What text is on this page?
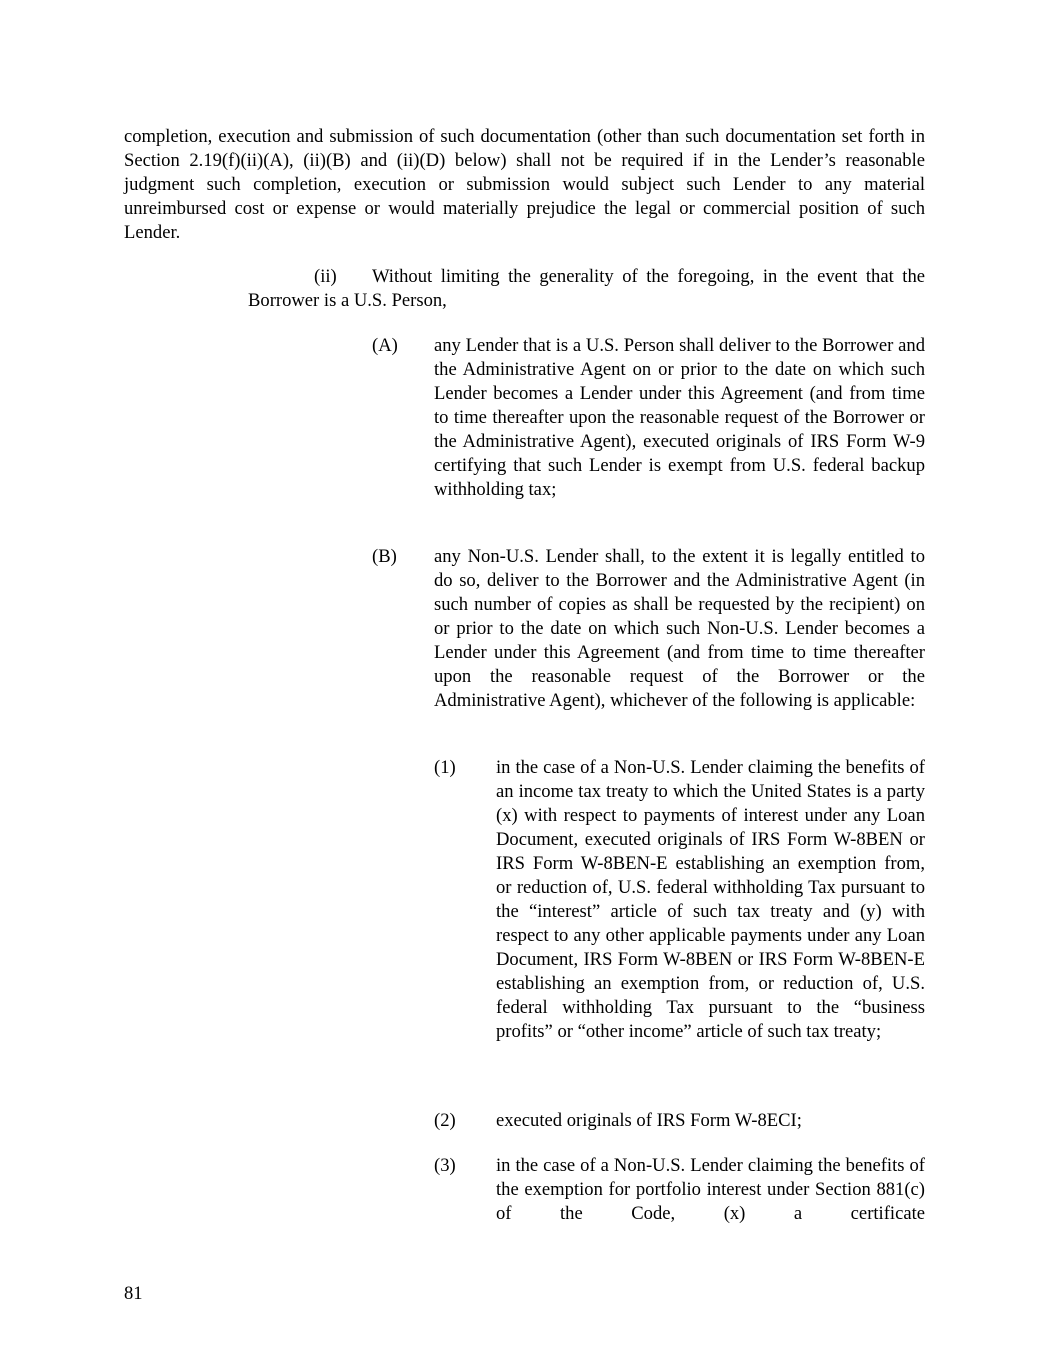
completion, execution and submission of such documentation (other than such documentation set forth in Section 2.19(f)(ii)(A), (ii)(B) and (ii)(D) below) shall not be required if in the Lender’s reasonable judgment such completion, execution or submission would subject such Lender to any material unreimbursed cost or expense or would materially prejudice the legal or commercial position of such Lender.

(ii) Without limiting the generality of the foregoing, in the event that the Borrower is a U.S. Person,

(A)	any Lender that is a U.S. Person shall deliver to the Borrower and the Administrative Agent on or prior to the date on which such Lender becomes a Lender under this Agreement (and from time to time thereafter upon the reasonable request of the Borrower or the Administrative Agent), executed originals of IRS Form W-9 certifying that such Lender is exempt from U.S. federal backup withholding tax;

(B)	any Non-U.S. Lender shall, to the extent it is legally entitled to do so, deliver to the Borrower and the Administrative Agent (in such number of copies as shall be requested by the recipient) on or prior to the date on which such Non-U.S. Lender becomes a Lender under this Agreement (and from time to time thereafter upon the reasonable request of the Borrower or the Administrative Agent), whichever of the following is applicable:

(1)	in the case of a Non-U.S. Lender claiming the benefits of an income tax treaty to which the United States is a party (x) with respect to payments of interest under any Loan Document, executed originals of IRS Form W-8BEN or IRS Form W-8BEN-E establishing an exemption from, or reduction of, U.S. federal withholding Tax pursuant to the “interest” article of such tax treaty and (y) with respect to any other applicable payments under any Loan Document, IRS Form W-8BEN or IRS Form W-8BEN-E establishing an exemption from, or reduction of, U.S. federal withholding Tax pursuant to the “business profits” or “other income” article of such tax treaty;

(2)	executed originals of IRS Form W-8ECI;

(3)	in the case of a Non-U.S. Lender claiming the benefits of the exemption for portfolio interest under Section 881(c) of the Code, (x) a certificate

81
